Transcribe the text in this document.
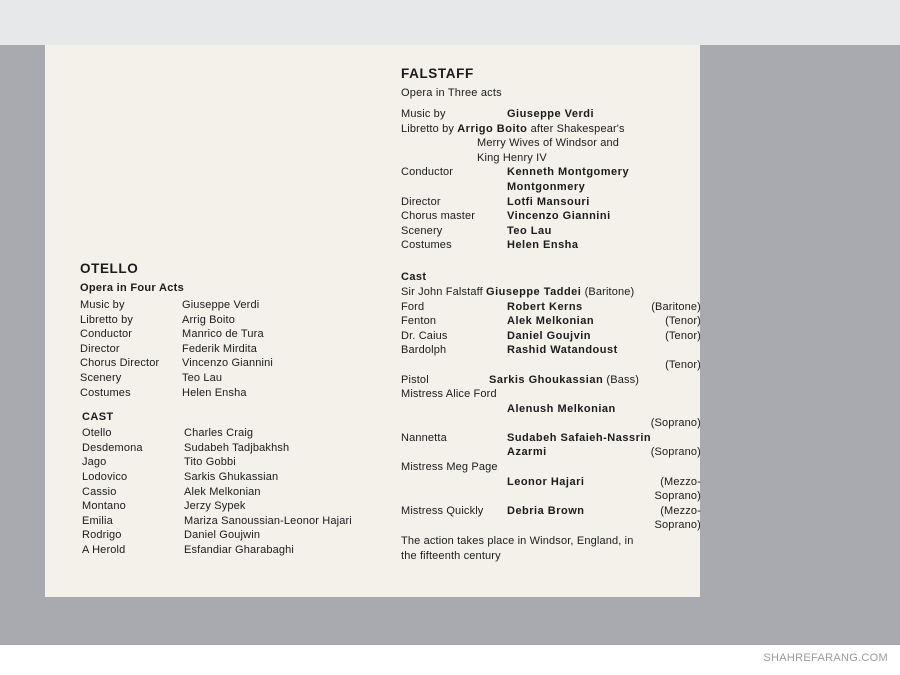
OTELLO
Opera in Four Acts
Music by	Giuseppe Verdi
Libretto by	Arrig Boito
Conductor	Manrico de Tura
Director	Federik Mirdita
Chorus Director	Vincenzo Giannini
Scenery	Teo Lau
Costumes	Helen Ensha
CAST
Otello	Charles Craig
Desdemona	Sudabeh Tadjbakhsh
Jago	Tito Gobbi
Lodovico	Sarkis Ghukassian
Cassio	Alek Melkonian
Montano	Jerzy Sypek
Emilia	Mariza Sanoussian-Leonor Hajari
Rodrigo	Daniel Goujwin
A Herold	Esfandiar Gharabaghi
FALSTAFF
Opera in Three acts
Music by	Giuseppe Verdi
Libretto by Arrigo Boito after Shakespear's
Merry Wives of Windsor and
King Henry IV
Conductor	Kenneth Montgomery
Montgonmery
Director	Lotfi Mansouri
Chorus master	Vincenzo Giannini
Scenery	Teo Lau
Costumes	Helen Ensha
Cast
Sir John Falstaff Giuseppe Taddei (Baritone)
Ford	Robert Kerns	(Baritone)
Fenton	Alek Melkonian	(Tenor)
Dr. Caius	Daniel Goujvin	(Tenor)
Bardolph	Rashid Watandoust
(Tenor)
Pistol	Sarkis Ghoukassian (Bass)
Mistress Alice Ford
Alenush Melkonian
(Soprano)
Nannetta	Sudabeh Safaieh-Nassrin
Azarmi	(Soprano)
Mistress Meg Page
Leonor Hajari	(Mezzo-
Soprano)
Mistress Quickly Debria Brown	(Mezzo-
Soprano)
The action takes place in Windsor, England, in
the fifteenth century
SHAHREFARANG.COM
